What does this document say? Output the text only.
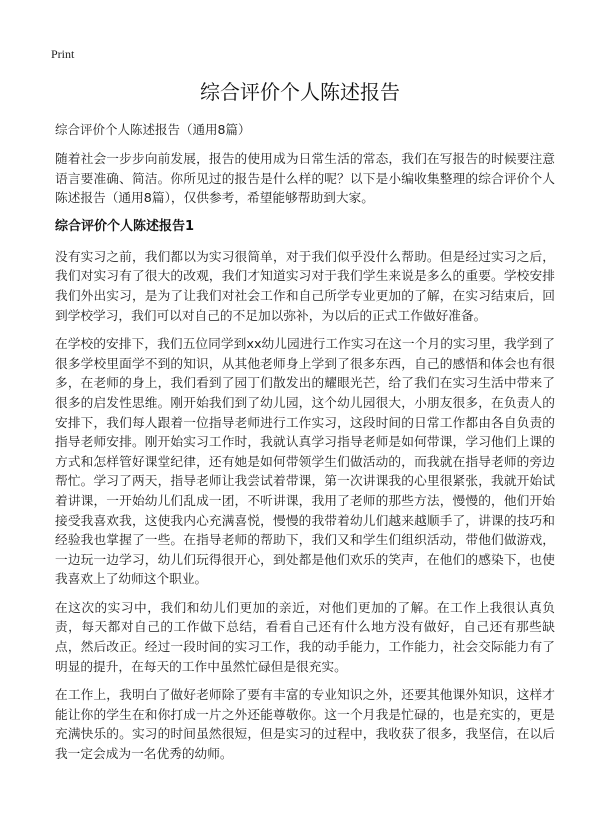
Print
综合评价个人陈述报告

综合评价个人陈述报告（通用8篇）

随着社会一步步向前发展，报告的使用成为日常生活的常态，我们在写报告的时候要注意语言要准确、简洁。你所见过的报告是什么样的呢？以下是小编收集整理的综合评价个人陈述报告（通用8篇），仅供参考，希望能够帮助到大家。

综合评价个人陈述报告1

没有实习之前，我们都以为实习很简单，对于我们似乎没什么帮助。但是经过实习之后，我们对实习有了很大的改观，我们才知道实习对于我们学生来说是多么的重要。学校安排我们外出实习，是为了让我们对社会工作和自己所学专业更加的了解，在实习结束后，回到学校学习，我们可以对自己的不足加以弥补，为以后的正式工作做好准备。

在学校的安排下，我们五位同学到xx幼儿园进行工作实习在这一个月的实习里，我学到了很多学校里面学不到的知识，从其他老师身上学到了很多东西，自己的感悟和体会也有很多，在老师的身上，我们看到了园丁们散发出的耀眼光芒，给了我们在实习生活中带来了很多的启发性思维。刚开始我们到了幼儿园，这个幼儿园很大，小朋友很多，在负责人的安排下，我们每人跟着一位指导老师进行工作实习，这段时间的日常工作都由各自负责的指导老师安排。刚开始实习工作时，我就认真学习指导老师是如何带课，学习他们上课的方式和怎样管好课堂纪律，还有她是如何带领学生们做活动的，而我就在指导老师的旁边帮忙。学习了两天，指导老师让我尝试着带课，第一次讲课我的心里很紧张，我就开始试着讲课，一开始幼儿们乱成一团，不听讲课，我用了老师的那些方法，慢慢的，他们开始接受我喜欢我，这使我内心充满喜悦，慢慢的我带着幼儿们越来越顺手了，讲课的技巧和经验我也掌握了一些。在指导老师的帮助下，我们又和学生们组织活动，带他们做游戏，一边玩一边学习，幼儿们玩得很开心，到处都是他们欢乐的笑声，在他们的感染下，也使我喜欢上了幼师这个职业。

在这次的实习中，我们和幼儿们更加的亲近，对他们更加的了解。在工作上我很认真负责，每天都对自己的工作做下总结，看看自己还有什么地方没有做好，自己还有那些缺点，然后改正。经过一段时间的实习工作，我的动手能力，工作能力，社会交际能力有了明显的提升，在每天的工作中虽然忙碌但是很充实。

在工作上，我明白了做好老师除了要有丰富的专业知识之外，还要其他课外知识，这样才能让你的学生在和你打成一片之外还能尊敬你。这一个月我是忙碌的，也是充实的，更是充满快乐的。实习的时间虽然很短，但是实习的过程中，我收获了很多，我坚信，在以后我一定会成为一名优秀的幼师。
